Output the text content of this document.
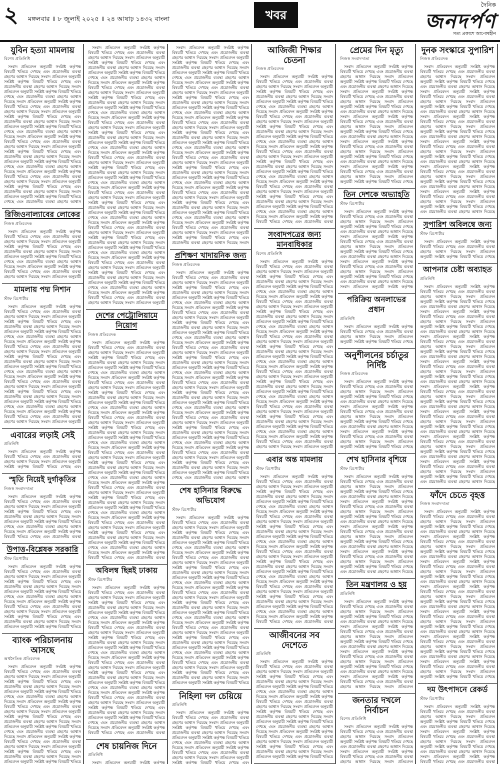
২	মঙ্গলবার ॥ ৮ জুলাই ২০২৫ ॥ ২৪ আষাঢ় ১৪৩২ বাংলা	খবর
দৈনিক
জনদর্পণ
সত্য প্রকাশে আপোষহীন
যুবিন হত্যা মামলায়
বিশেষ প্রতিনিধি

সংবাদ প্রতিবেদন অনুযায়ী সংশ্লিষ্ট কর্তৃপক্ষ বিষয়টি খতিয়ে দেখছে এবং প্রয়োজনীয় ব্যবস্থা গ্রহণের আশ্বাস দিয়েছে সংবাদ প্রতিবেদন অনুযায়ী সংশ্লিষ্ট কর্তৃপক্ষ বিষয়টি খতিয়ে দেখছে এবং প্রয়োজনীয় ব্যবস্থা গ্রহণের আশ্বাস দিয়েছে সংবাদ প্রতিবেদন অনুযায়ী সংশ্লিষ্ট কর্তৃপক্ষ বিষয়টি খতিয়ে দেখছে এবং প্রয়োজনীয় ব্যবস্থা গ্রহণের আশ্বাস দিয়েছে সংবাদ প্রতিবেদন অনুযায়ী সংশ্লিষ্ট কর্তৃপক্ষ বিষয়টি খতিয়ে দেখছে এবং প্রয়োজনীয় ব্যবস্থা গ্রহণের আশ্বাস দিয়েছে সংবাদ প্রতিবেদন অনুযায়ী সংশ্লিষ্ট কর্তৃপক্ষ বিষয়টি খতিয়ে দেখছে এবং প্রয়োজনীয় ব্যবস্থা গ্রহণের আশ্বাস দিয়েছে সংবাদ প্রতিবেদন অনুযায়ী সংশ্লিষ্ট কর্তৃপক্ষ বিষয়টি খতিয়ে দেখছে এবং প্রয়োজনীয় ব্যবস্থা গ্রহণের আশ্বাস দিয়েছে সংবাদ প্রতিবেদন অনুযায়ী সংশ্লিষ্ট কর্তৃপক্ষ বিষয়টি খতিয়ে দেখছে এবং প্রয়োজনীয় ব্যবস্থা গ্রহণের আশ্বাস দিয়েছে সংবাদ প্রতিবেদন অনুযায়ী সংশ্লিষ্ট কর্তৃপক্ষ বিষয়টি খতিয়ে দেখছে এবং প্রয়োজনীয় ব্যবস্থা গ্রহণের আশ্বাস দিয়েছে সংবাদ প্রতিবেদন অনুযায়ী সংশ্লিষ্ট কর্তৃপক্ষ বিষয়টি খতিয়ে দেখছে এবং প্রয়োজনীয় ব্যবস্থা গ্রহণের আশ্বাস দিয়েছে সংবাদ প্রতিবেদন অনুযায়ী সংশ্লিষ্ট কর্তৃপক্ষ বিষয়টি খতিয়ে দেখছে এবং প্রয়োজনীয় ব্যবস্থা গ্রহণের আশ্বাস দিয়েছে সংবাদ প্রতিবেদন অনুযায়ী সংশ্লিষ্ট কর্তৃপক্ষ বিষয়টি খতিয়ে দেখছে এবং প্রয়োজনীয় ব্যবস্থা গ্রহণের আশ্বাস দিয়েছে সংবাদ প্রতিবেদন অনুযায়ী সংশ্লিষ্ট কর্তৃপক্ষ বিষয়টি খতিয়ে দেখছে এবং প্রয়োজনীয় ব্যবস্থা গ্রহণের আশ্বাস

রিজিওনাল্যাবের লোকের
নিজস্ব প্রতিবেদক

সংবাদ প্রতিবেদন অনুযায়ী সংশ্লিষ্ট কর্তৃপক্ষ বিষয়টি খতিয়ে দেখছে এবং প্রয়োজনীয় ব্যবস্থা গ্রহণের আশ্বাস দিয়েছে সংবাদ প্রতিবেদন অনুযায়ী সংশ্লিষ্ট কর্তৃপক্ষ বিষয়টি খতিয়ে দেখছে এবং প্রয়োজনীয় ব্যবস্থা গ্রহণের আশ্বাস দিয়েছে সংবাদ প্রতিবেদন অনুযায়ী সংশ্লিষ্ট কর্তৃপক্ষ বিষয়টি খতিয়ে দেখছে এবং প্রয়োজনীয় ব্যবস্থা গ্রহণের আশ্বাস দিয়েছে সংবাদ প্রতিবেদন অনুযায়ী সংশ্লিষ্ট কর্তৃপক্ষ বিষয়টি খতিয়ে দেখছে এবং প্রয়োজনীয় ব্যবস্থা গ্রহণের আশ্বাস দিয়েছে সংবাদ প্রতিবেদন অনুযায়ী

মামলায় পদ্ম নিশান
স্টাফ রিপোর্টার

সংবাদ প্রতিবেদন অনুযায়ী সংশ্লিষ্ট কর্তৃপক্ষ বিষয়টি খতিয়ে দেখছে এবং প্রয়োজনীয় ব্যবস্থা গ্রহণের আশ্বাস দিয়েছে সংবাদ প্রতিবেদন অনুযায়ী সংশ্লিষ্ট কর্তৃপক্ষ বিষয়টি খতিয়ে দেখছে এবং প্রয়োজনীয় ব্যবস্থা গ্রহণের আশ্বাস দিয়েছে সংবাদ প্রতিবেদন অনুযায়ী সংশ্লিষ্ট কর্তৃপক্ষ বিষয়টি খতিয়ে দেখছে এবং প্রয়োজনীয় ব্যবস্থা গ্রহণের আশ্বাস দিয়েছে সংবাদ প্রতিবেদন অনুযায়ী সংশ্লিষ্ট কর্তৃপক্ষ বিষয়টি খতিয়ে দেখছে এবং প্রয়োজনীয় ব্যবস্থা গ্রহণের আশ্বাস দিয়েছে সংবাদ প্রতিবেদন অনুযায়ী সংশ্লিষ্ট কর্তৃপক্ষ বিষয়টি খতিয়ে দেখছে এবং প্রয়োজনীয় ব্যবস্থা গ্রহণের আশ্বাস দিয়েছে সংবাদ প্রতিবেদন অনুযায়ী সংশ্লিষ্ট কর্তৃপক্ষ বিষয়টি খতিয়ে দেখছে এবং প্রয়োজনীয় ব্যবস্থা গ্রহণের আশ্বাস দিয়েছে সংবাদ প্রতিবেদন অনুযায়ী সংশ্লিষ্ট কর্তৃপক্ষ বিষয়টি খতিয়ে দেখছে এবং প্রয়োজনীয় ব্যবস্থা গ্রহণের আশ্বাস দিয়েছে সংবাদ প্রতিবেদন অনুযায়ী সংশ্লিষ্ট কর্তৃপক্ষ বিষয়টি খতিয়ে দেখছে এবং প্রয়োজনীয় ব্যবস্থা গ্রহণের আশ্বাস দিয়েছে সংবাদ প্রতিবেদন অনুযায়ী সংশ্লিষ্ট কর্তৃপক্ষ বিষয়টি খতিয়ে দেখছে এবং প্রয়োজনীয় ব্যবস্থা গ্রহণের আশ্বাস দিয়েছে সংবাদ প্রতিবেদন অনুযায়ী সংশ্লিষ্ট কর্তৃপক্ষ বিষয়টি খতিয়ে দেখছে এবং প্রয়োজনীয় ব্যবস্থা গ্রহণের আশ্বাস দিয়েছে সংবাদ প্রতিবেদন অনুযায়ী

এবারের লড়াই সেই
প্রতিনিধি

সংবাদ প্রতিবেদন অনুযায়ী সংশ্লিষ্ট কর্তৃপক্ষ বিষয়টি খতিয়ে দেখছে এবং প্রয়োজনীয় ব্যবস্থা গ্রহণের আশ্বাস দিয়েছে সংবাদ প্রতিবেদন অনুযায়ী সংশ্লিষ্ট কর্তৃপক্ষ বিষয়টি খতিয়ে দেখছে এবং

স্মৃতি নিয়েই দুর্গাকৃতির
নিজস্ব সংবাদদাতা

সংবাদ প্রতিবেদন অনুযায়ী সংশ্লিষ্ট কর্তৃপক্ষ বিষয়টি খতিয়ে দেখছে এবং প্রয়োজনীয় ব্যবস্থা গ্রহণের আশ্বাস দিয়েছে সংবাদ প্রতিবেদন অনুযায়ী সংশ্লিষ্ট কর্তৃপক্ষ বিষয়টি খতিয়ে দেখছে এবং প্রয়োজনীয় ব্যবস্থা গ্রহণের আশ্বাস দিয়েছে সংবাদ প্রতিবেদন অনুযায়ী সংশ্লিষ্ট কর্তৃপক্ষ বিষয়টি খতিয়ে দেখছে এবং প্রয়োজনীয় ব্যবস্থা গ্রহণের আশ্বাস দিয়েছে সংবাদ প্রতিবেদন অনুযায়ী সংশ্লিষ্ট কর্তৃপক্ষ বিষয়টি খতিয়ে দেখছে এবং প্রয়োজনীয় ব্যবস্থা

উপাত্ত-বিশ্লেষক সরকারি
স্টাফ রিপোর্টার

সংবাদ প্রতিবেদন অনুযায়ী সংশ্লিষ্ট কর্তৃপক্ষ বিষয়টি খতিয়ে দেখছে এবং প্রয়োজনীয় ব্যবস্থা গ্রহণের আশ্বাস দিয়েছে সংবাদ প্রতিবেদন অনুযায়ী সংশ্লিষ্ট কর্তৃপক্ষ বিষয়টি খতিয়ে দেখছে এবং প্রয়োজনীয় ব্যবস্থা গ্রহণের আশ্বাস দিয়েছে সংবাদ প্রতিবেদন অনুযায়ী সংশ্লিষ্ট কর্তৃপক্ষ বিষয়টি খতিয়ে দেখছে এবং প্রয়োজনীয় ব্যবস্থা গ্রহণের আশ্বাস দিয়েছে সংবাদ প্রতিবেদন অনুযায়ী সংশ্লিষ্ট কর্তৃপক্ষ বিষয়টি খতিয়ে দেখছে এবং প্রয়োজনীয় ব্যবস্থা গ্রহণের আশ্বাস দিয়েছে সংবাদ প্রতিবেদন অনুযায়ী সংশ্লিষ্ট কর্তৃপক্ষ বিষয়টি খতিয়ে দেখছে এবং প্রয়োজনীয় ব্যবস্থা গ্রহণের আশ্বাস দিয়েছে সংবাদ প্রতিবেদন অনুযায়ী সংশ্লিষ্ট কর্তৃপক্ষ বিষয়টি খতিয়ে

ব্যাংক পরিচালনায় আসছে
অর্থনৈতিক প্রতিবেদক

সংবাদ প্রতিবেদন অনুযায়ী সংশ্লিষ্ট কর্তৃপক্ষ বিষয়টি খতিয়ে দেখছে এবং প্রয়োজনীয় ব্যবস্থা গ্রহণের আশ্বাস দিয়েছে সংবাদ প্রতিবেদন অনুযায়ী সংশ্লিষ্ট কর্তৃপক্ষ বিষয়টি খতিয়ে দেখছে এবং প্রয়োজনীয় ব্যবস্থা গ্রহণের আশ্বাস দিয়েছে সংবাদ প্রতিবেদন অনুযায়ী সংশ্লিষ্ট কর্তৃপক্ষ বিষয়টি খতিয়ে দেখছে এবং প্রয়োজনীয় ব্যবস্থা গ্রহণের আশ্বাস দিয়েছে সংবাদ প্রতিবেদন অনুযায়ী সংশ্লিষ্ট কর্তৃপক্ষ বিষয়টি খতিয়ে দেখছে এবং প্রয়োজনীয় ব্যবস্থা গ্রহণের আশ্বাস দিয়েছে সংবাদ প্রতিবেদন অনুযায়ী সংশ্লিষ্ট কর্তৃপক্ষ বিষয়টি খতিয়ে দেখছে এবং প্রয়োজনীয় ব্যবস্থা গ্রহণের আশ্বাস দিয়েছে সংবাদ প্রতিবেদন অনুযায়ী সংশ্লিষ্ট কর্তৃপক্ষ বিষয়টি খতিয়ে দেখছে এবং প্রয়োজনীয় ব্যবস্থা গ্রহণের আশ্বাস দিয়েছে সংবাদ প্রতিবেদন অনুযায়ী সংশ্লিষ্ট কর্তৃপক্ষ বিষয়টি খতিয়ে দেখছে এবং প্রয়োজনীয় ব্যবস্থা গ্রহণের আশ্বাস দিয়েছে সংবাদ প্রতিবেদন অনুযায়ী সংশ্লিষ্ট কর্তৃপক্ষ বিষয়টি খতিয়ে দেখছে এবং প্রয়োজনীয় ব্যবস্থা গ্রহণের আশ্বাস দিয়েছে সংবাদ প্রতিবেদন অনুযায়ী সংশ্লিষ্ট কর্তৃপক্ষ বিষয়টি খতিয়ে

সংবাদ প্রতিবেদন অনুযায়ী সংশ্লিষ্ট কর্তৃপক্ষ বিষয়টি খতিয়ে দেখছে এবং প্রয়োজনীয় ব্যবস্থা গ্রহণের আশ্বাস দিয়েছে সংবাদ প্রতিবেদন অনুযায়ী সংশ্লিষ্ট কর্তৃপক্ষ বিষয়টি খতিয়ে দেখছে এবং প্রয়োজনীয় ব্যবস্থা গ্রহণের আশ্বাস দিয়েছে সংবাদ প্রতিবেদন অনুযায়ী সংশ্লিষ্ট কর্তৃপক্ষ বিষয়টি খতিয়ে দেখছে এবং প্রয়োজনীয় ব্যবস্থা গ্রহণের আশ্বাস দিয়েছে সংবাদ প্রতিবেদন অনুযায়ী সংশ্লিষ্ট কর্তৃপক্ষ বিষয়টি খতিয়ে দেখছে এবং প্রয়োজনীয় ব্যবস্থা গ্রহণের আশ্বাস দিয়েছে সংবাদ প্রতিবেদন অনুযায়ী সংশ্লিষ্ট কর্তৃপক্ষ বিষয়টি খতিয়ে দেখছে এবং প্রয়োজনীয় ব্যবস্থা গ্রহণের আশ্বাস দিয়েছে সংবাদ প্রতিবেদন অনুযায়ী সংশ্লিষ্ট কর্তৃপক্ষ বিষয়টি খতিয়ে দেখছে এবং প্রয়োজনীয় ব্যবস্থা গ্রহণের আশ্বাস দিয়েছে সংবাদ প্রতিবেদন অনুযায়ী সংশ্লিষ্ট কর্তৃপক্ষ বিষয়টি খতিয়ে দেখছে এবং প্রয়োজনীয় ব্যবস্থা গ্রহণের আশ্বাস দিয়েছে সংবাদ প্রতিবেদন অনুযায়ী সংশ্লিষ্ট কর্তৃপক্ষ বিষয়টি খতিয়ে দেখছে এবং প্রয়োজনীয় ব্যবস্থা গ্রহণের আশ্বাস দিয়েছে সংবাদ প্রতিবেদন অনুযায়ী সংশ্লিষ্ট কর্তৃপক্ষ বিষয়টি খতিয়ে দেখছে এবং প্রয়োজনীয় ব্যবস্থা গ্রহণের আশ্বাস দিয়েছে সংবাদ প্রতিবেদন অনুযায়ী সংশ্লিষ্ট কর্তৃপক্ষ বিষয়টি খতিয়ে দেখছে এবং প্রয়োজনীয় ব্যবস্থা গ্রহণের আশ্বাস দিয়েছে সংবাদ প্রতিবেদন অনুযায়ী সংশ্লিষ্ট কর্তৃপক্ষ বিষয়টি খতিয়ে দেখছে এবং প্রয়োজনীয় ব্যবস্থা গ্রহণের আশ্বাস দিয়েছে সংবাদ প্রতিবেদন অনুযায়ী সংশ্লিষ্ট কর্তৃপক্ষ বিষয়টি খতিয়ে দেখছে এবং প্রয়োজনীয় ব্যবস্থা গ্রহণের আশ্বাস দিয়েছে সংবাদ প্রতিবেদন অনুযায়ী সংশ্লিষ্ট কর্তৃপক্ষ বিষয়টি খতিয়ে দেখছে এবং প্রয়োজনীয় ব্যবস্থা গ্রহণের আশ্বাস দিয়েছে সংবাদ প্রতিবেদন অনুযায়ী সংশ্লিষ্ট কর্তৃপক্ষ বিষয়টি খতিয়ে দেখছে এবং প্রয়োজনীয় ব্যবস্থা গ্রহণের আশ্বাস দিয়েছে সংবাদ প্রতিবেদন অনুযায়ী সংশ্লিষ্ট কর্তৃপক্ষ বিষয়টি খতিয়ে দেখছে এবং প্রয়োজনীয় ব্যবস্থা গ্রহণের আশ্বাস দিয়েছে সংবাদ প্রতিবেদন অনুযায়ী সংশ্লিষ্ট কর্তৃপক্ষ বিষয়টি খতিয়ে দেখছে এবং প্রয়োজনীয় ব্যবস্থা গ্রহণের আশ্বাস দিয়েছে সংবাদ প্রতিবেদন অনুযায়ী সংশ্লিষ্ট কর্তৃপক্ষ বিষয়টি খতিয়ে দেখছে এবং প্রয়োজনীয় ব্যবস্থা গ্রহণের আশ্বাস দিয়েছে সংবাদ প্রতিবেদন অনুযায়ী সংশ্লিষ্ট কর্তৃপক্ষ বিষয়টি খতিয়ে দেখছে এবং প্রয়োজনীয় ব্যবস্থা গ্রহণের আশ্বাস দিয়েছে সংবাদ প্রতিবেদন অনুযায়ী সংশ্লিষ্ট কর্তৃপক্ষ বিষয়টি খতিয়ে দেখছে এবং প্রয়োজনীয় ব্যবস্থা গ্রহণের আশ্বাস দিয়েছে সংবাদ প্রতিবেদন অনুযায়ী সংশ্লিষ্ট কর্তৃপক্ষ বিষয়টি খতিয়ে দেখছে এবং প্রয়োজনীয় ব্যবস্থা গ্রহণের আশ্বাস দিয়েছে সংবাদ প্রতিবেদন অনুযায়ী সংশ্লিষ্ট কর্তৃপক্ষ বিষয়টি খতিয়ে দেখছে এবং প্রয়োজনীয় ব্যবস্থা গ্রহণের আশ্বাস দিয়েছে সংবাদ প্রতিবেদন অনুযায়ী সংশ্লিষ্ট কর্তৃপক্ষ বিষয়টি খতিয়ে দেখছে এবং প্রয়োজনীয় ব্যবস্থা গ্রহণের আশ্বাস দিয়েছে সংবাদ প্রতিবেদন অনুযায়ী

দেশের পেট্রোলিয়ামে নিয়োগ
নিজস্ব প্রতিবেদক

সংবাদ প্রতিবেদন অনুযায়ী সংশ্লিষ্ট কর্তৃপক্ষ বিষয়টি খতিয়ে দেখছে এবং প্রয়োজনীয় ব্যবস্থা গ্রহণের আশ্বাস দিয়েছে সংবাদ প্রতিবেদন অনুযায়ী সংশ্লিষ্ট কর্তৃপক্ষ বিষয়টি খতিয়ে দেখছে এবং প্রয়োজনীয় ব্যবস্থা গ্রহণের আশ্বাস দিয়েছে সংবাদ প্রতিবেদন অনুযায়ী সংশ্লিষ্ট কর্তৃপক্ষ বিষয়টি খতিয়ে দেখছে এবং প্রয়োজনীয় ব্যবস্থা গ্রহণের আশ্বাস দিয়েছে সংবাদ প্রতিবেদন অনুযায়ী সংশ্লিষ্ট কর্তৃপক্ষ বিষয়টি খতিয়ে দেখছে এবং প্রয়োজনীয় ব্যবস্থা গ্রহণের আশ্বাস দিয়েছে সংবাদ প্রতিবেদন অনুযায়ী সংশ্লিষ্ট কর্তৃপক্ষ বিষয়টি খতিয়ে দেখছে এবং প্রয়োজনীয় ব্যবস্থা গ্রহণের আশ্বাস দিয়েছে সংবাদ প্রতিবেদন অনুযায়ী সংশ্লিষ্ট কর্তৃপক্ষ বিষয়টি খতিয়ে দেখছে এবং প্রয়োজনীয় ব্যবস্থা গ্রহণের আশ্বাস দিয়েছে সংবাদ প্রতিবেদন অনুযায়ী সংশ্লিষ্ট কর্তৃপক্ষ বিষয়টি খতিয়ে দেখছে এবং প্রয়োজনীয় ব্যবস্থা গ্রহণের আশ্বাস দিয়েছে সংবাদ প্রতিবেদন অনুযায়ী সংশ্লিষ্ট কর্তৃপক্ষ বিষয়টি খতিয়ে দেখছে এবং প্রয়োজনীয় ব্যবস্থা গ্রহণের আশ্বাস দিয়েছে সংবাদ প্রতিবেদন অনুযায়ী সংশ্লিষ্ট কর্তৃপক্ষ বিষয়টি খতিয়ে দেখছে এবং প্রয়োজনীয় ব্যবস্থা গ্রহণের আশ্বাস দিয়েছে সংবাদ প্রতিবেদন অনুযায়ী সংশ্লিষ্ট কর্তৃপক্ষ বিষয়টি খতিয়ে দেখছে এবং প্রয়োজনীয় ব্যবস্থা গ্রহণের আশ্বাস দিয়েছে সংবাদ প্রতিবেদন অনুযায়ী সংশ্লিষ্ট কর্তৃপক্ষ বিষয়টি খতিয়ে দেখছে এবং প্রয়োজনীয় ব্যবস্থা গ্রহণের আশ্বাস দিয়েছে সংবাদ প্রতিবেদন অনুযায়ী সংশ্লিষ্ট কর্তৃপক্ষ বিষয়টি খতিয়ে দেখছে এবং প্রয়োজনীয় ব্যবস্থা গ্রহণের আশ্বাস দিয়েছে সংবাদ প্রতিবেদন অনুযায়ী সংশ্লিষ্ট কর্তৃপক্ষ বিষয়টি খতিয়ে দেখছে এবং প্রয়োজনীয় ব্যবস্থা গ্রহণের আশ্বাস দিয়েছে সংবাদ প্রতিবেদন অনুযায়ী সংশ্লিষ্ট কর্তৃপক্ষ বিষয়টি খতিয়ে দেখছে এবং প্রয়োজনীয় ব্যবস্থা গ্রহণের আশ্বাস দিয়েছে সংবাদ প্রতিবেদন অনুযায়ী সংশ্লিষ্ট কর্তৃপক্ষ বিষয়টি খতিয়ে দেখছে এবং প্রয়োজনীয় ব্যবস্থা গ্রহণের আশ্বাস দিয়েছে সংবাদ প্রতিবেদন অনুযায়ী সংশ্লিষ্ট কর্তৃপক্ষ বিষয়টি খতিয়ে দেখছে এবং প্রয়োজনীয় ব্যবস্থা গ্রহণের আশ্বাস দিয়েছে সংবাদ প্রতিবেদন অনুযায়ী সংশ্লিষ্ট কর্তৃপক্ষ বিষয়টি খতিয়ে দেখছে এবং প্রয়োজনীয় ব্যবস্থা গ্রহণের আশ্বাস দিয়েছে সংবাদ প্রতিবেদন অনুযায়ী সংশ্লিষ্ট কর্তৃপক্ষ বিষয়টি খতিয়ে দেখছে এবং প্রয়োজনীয় ব্যবস্থা গ্রহণের আশ্বাস দিয়েছে সংবাদ প্রতিবেদন অনুযায়ী সংশ্লিষ্ট কর্তৃপক্ষ বিষয়টি খতিয়ে দেখছে এবং প্রয়োজনীয় ব্যবস্থা

অবিলম্ব ছিন্নই ঢাকায়
স্টাফ রিপোর্টার

সংবাদ প্রতিবেদন অনুযায়ী সংশ্লিষ্ট কর্তৃপক্ষ বিষয়টি খতিয়ে দেখছে এবং প্রয়োজনীয় ব্যবস্থা গ্রহণের আশ্বাস দিয়েছে সংবাদ প্রতিবেদন অনুযায়ী সংশ্লিষ্ট কর্তৃপক্ষ বিষয়টি খতিয়ে দেখছে এবং প্রয়োজনীয় ব্যবস্থা গ্রহণের আশ্বাস দিয়েছে সংবাদ প্রতিবেদন অনুযায়ী সংশ্লিষ্ট কর্তৃপক্ষ বিষয়টি খতিয়ে দেখছে এবং প্রয়োজনীয় ব্যবস্থা গ্রহণের আশ্বাস দিয়েছে সংবাদ প্রতিবেদন অনুযায়ী সংশ্লিষ্ট কর্তৃপক্ষ বিষয়টি খতিয়ে দেখছে এবং প্রয়োজনীয় ব্যবস্থা গ্রহণের আশ্বাস দিয়েছে সংবাদ প্রতিবেদন অনুযায়ী সংশ্লিষ্ট কর্তৃপক্ষ বিষয়টি খতিয়ে দেখছে এবং প্রয়োজনীয় ব্যবস্থা গ্রহণের আশ্বাস দিয়েছে সংবাদ প্রতিবেদন অনুযায়ী সংশ্লিষ্ট কর্তৃপক্ষ বিষয়টি খতিয়ে দেখছে এবং প্রয়োজনীয় ব্যবস্থা গ্রহণের আশ্বাস দিয়েছে সংবাদ প্রতিবেদন অনুযায়ী সংশ্লিষ্ট কর্তৃপক্ষ বিষয়টি খতিয়ে দেখছে এবং প্রয়োজনীয় ব্যবস্থা গ্রহণের আশ্বাস দিয়েছে সংবাদ প্রতিবেদন অনুযায়ী সংশ্লিষ্ট কর্তৃপক্ষ বিষয়টি খতিয়ে দেখছে এবং প্রয়োজনীয় ব্যবস্থা গ্রহণের আশ্বাস দিয়েছে সংবাদ প্রতিবেদন অনুযায়ী সংশ্লিষ্ট কর্তৃপক্ষ বিষয়টি খতিয়ে দেখছে এবং প্রয়োজনীয় ব্যবস্থা গ্রহণের আশ্বাস দিয়েছে সংবাদ প্রতিবেদন অনুযায়ী সংশ্লিষ্ট কর্তৃপক্ষ বিষয়টি খতিয়ে দেখছে এবং প্রয়োজনীয় ব্যবস্থা গ্রহণের আশ্বাস দিয়েছে সংবাদ প্রতিবেদন অনুযায়ী সংশ্লিষ্ট কর্তৃপক্ষ বিষয়টি খতিয়ে দেখছে এবং প্রয়োজনীয় ব্যবস্থা গ্রহণের আশ্বাস দিয়েছে সংবাদ প্রতিবেদন অনুযায়ী সংশ্লিষ্ট কর্তৃপক্ষ বিষয়টি খতিয়ে দেখছে এবং প্রয়োজনীয় ব্যবস্থা গ্রহণের আশ্বাস দিয়েছে সংবাদ প্রতিবেদন অনুযায়ী সংশ্লিষ্ট কর্তৃপক্ষ বিষয়টি খতিয়ে দেখছে এবং প্রয়োজনীয় ব্যবস্থা

শেষ চায়নিজ দিনে
প্রতিনিধি

সংবাদ প্রতিবেদন অনুযায়ী সংশ্লিষ্ট কর্তৃপক্ষ

সংবাদ প্রতিবেদন অনুযায়ী সংশ্লিষ্ট কর্তৃপক্ষ বিষয়টি খতিয়ে দেখছে এবং প্রয়োজনীয় ব্যবস্থা গ্রহণের আশ্বাস দিয়েছে সংবাদ প্রতিবেদন অনুযায়ী সংশ্লিষ্ট কর্তৃপক্ষ বিষয়টি খতিয়ে দেখছে এবং প্রয়োজনীয় ব্যবস্থা গ্রহণের আশ্বাস দিয়েছে সংবাদ প্রতিবেদন অনুযায়ী সংশ্লিষ্ট কর্তৃপক্ষ বিষয়টি খতিয়ে দেখছে এবং প্রয়োজনীয় ব্যবস্থা গ্রহণের আশ্বাস দিয়েছে সংবাদ প্রতিবেদন অনুযায়ী সংশ্লিষ্ট কর্তৃপক্ষ বিষয়টি খতিয়ে দেখছে এবং প্রয়োজনীয় ব্যবস্থা গ্রহণের আশ্বাস দিয়েছে সংবাদ প্রতিবেদন অনুযায়ী সংশ্লিষ্ট কর্তৃপক্ষ বিষয়টি খতিয়ে দেখছে এবং প্রয়োজনীয় ব্যবস্থা গ্রহণের আশ্বাস দিয়েছে সংবাদ প্রতিবেদন অনুযায়ী সংশ্লিষ্ট কর্তৃপক্ষ বিষয়টি খতিয়ে দেখছে এবং প্রয়োজনীয় ব্যবস্থা গ্রহণের আশ্বাস দিয়েছে সংবাদ প্রতিবেদন অনুযায়ী সংশ্লিষ্ট কর্তৃপক্ষ বিষয়টি খতিয়ে দেখছে এবং প্রয়োজনীয় ব্যবস্থা গ্রহণের আশ্বাস দিয়েছে সংবাদ প্রতিবেদন অনুযায়ী সংশ্লিষ্ট কর্তৃপক্ষ বিষয়টি খতিয়ে দেখছে এবং প্রয়োজনীয় ব্যবস্থা গ্রহণের আশ্বাস দিয়েছে সংবাদ প্রতিবেদন অনুযায়ী সংশ্লিষ্ট কর্তৃপক্ষ বিষয়টি খতিয়ে দেখছে এবং প্রয়োজনীয় ব্যবস্থা গ্রহণের আশ্বাস দিয়েছে সংবাদ প্রতিবেদন অনুযায়ী সংশ্লিষ্ট কর্তৃপক্ষ বিষয়টি খতিয়ে দেখছে এবং প্রয়োজনীয় ব্যবস্থা গ্রহণের আশ্বাস দিয়েছে সংবাদ প্রতিবেদন অনুযায়ী সংশ্লিষ্ট কর্তৃপক্ষ বিষয়টি খতিয়ে দেখছে এবং প্রয়োজনীয় ব্যবস্থা গ্রহণের আশ্বাস দিয়েছে সংবাদ প্রতিবেদন অনুযায়ী সংশ্লিষ্ট কর্তৃপক্ষ বিষয়টি খতিয়ে দেখছে এবং প্রয়োজনীয় ব্যবস্থা গ্রহণের আশ্বাস দিয়েছে সংবাদ প্রতিবেদন অনুযায়ী সংশ্লিষ্ট কর্তৃপক্ষ বিষয়টি খতিয়ে দেখছে এবং প্রয়োজনীয় ব্যবস্থা গ্রহণের আশ্বাস দিয়েছে সংবাদ প্রতিবেদন অনুযায়ী সংশ্লিষ্ট কর্তৃপক্ষ বিষয়টি খতিয়ে দেখছে এবং প্রয়োজনীয় ব্যবস্থা গ্রহণের আশ্বাস দিয়েছে সংবাদ প্রতিবেদন অনুযায়ী সংশ্লিষ্ট কর্তৃপক্ষ বিষয়টি খতিয়ে দেখছে এবং প্রয়োজনীয় ব্যবস্থা গ্রহণের আশ্বাস দিয়েছে সংবাদ প্রতিবেদন অনুযায়ী সংশ্লিষ্ট কর্তৃপক্ষ বিষয়টি খতিয়ে দেখছে এবং প্রয়োজনীয় ব্যবস্থা গ্রহণের আশ্বাস দিয়েছে সংবাদ প্রতিবেদন অনুযায়ী সংশ্লিষ্ট কর্তৃপক্ষ বিষয়টি খতিয়ে দেখছে এবং প্রয়োজনীয় ব্যবস্থা গ্রহণের আশ্বাস দিয়েছে সংবাদ

প্রশিক্ষণ খাদায়নিক জন্য
নিজস্ব প্রতিবেদক

সংবাদ প্রতিবেদন অনুযায়ী সংশ্লিষ্ট কর্তৃপক্ষ বিষয়টি খতিয়ে দেখছে এবং প্রয়োজনীয় ব্যবস্থা গ্রহণের আশ্বাস দিয়েছে সংবাদ প্রতিবেদন অনুযায়ী সংশ্লিষ্ট কর্তৃপক্ষ বিষয়টি খতিয়ে দেখছে এবং প্রয়োজনীয় ব্যবস্থা গ্রহণের আশ্বাস দিয়েছে সংবাদ প্রতিবেদন অনুযায়ী সংশ্লিষ্ট কর্তৃপক্ষ বিষয়টি খতিয়ে দেখছে এবং প্রয়োজনীয় ব্যবস্থা গ্রহণের আশ্বাস দিয়েছে সংবাদ প্রতিবেদন অনুযায়ী সংশ্লিষ্ট কর্তৃপক্ষ বিষয়টি খতিয়ে দেখছে এবং প্রয়োজনীয় ব্যবস্থা গ্রহণের আশ্বাস দিয়েছে সংবাদ প্রতিবেদন অনুযায়ী সংশ্লিষ্ট কর্তৃপক্ষ বিষয়টি খতিয়ে দেখছে এবং প্রয়োজনীয় ব্যবস্থা গ্রহণের আশ্বাস দিয়েছে সংবাদ প্রতিবেদন অনুযায়ী সংশ্লিষ্ট কর্তৃপক্ষ বিষয়টি খতিয়ে দেখছে এবং প্রয়োজনীয় ব্যবস্থা গ্রহণের আশ্বাস দিয়েছে সংবাদ প্রতিবেদন অনুযায়ী সংশ্লিষ্ট কর্তৃপক্ষ বিষয়টি খতিয়ে দেখছে এবং প্রয়োজনীয় ব্যবস্থা গ্রহণের আশ্বাস দিয়েছে সংবাদ প্রতিবেদন অনুযায়ী সংশ্লিষ্ট কর্তৃপক্ষ বিষয়টি খতিয়ে দেখছে এবং প্রয়োজনীয় ব্যবস্থা গ্রহণের আশ্বাস দিয়েছে সংবাদ প্রতিবেদন অনুযায়ী সংশ্লিষ্ট কর্তৃপক্ষ বিষয়টি খতিয়ে দেখছে এবং প্রয়োজনীয় ব্যবস্থা গ্রহণের আশ্বাস দিয়েছে সংবাদ প্রতিবেদন অনুযায়ী সংশ্লিষ্ট কর্তৃপক্ষ বিষয়টি খতিয়ে দেখছে এবং প্রয়োজনীয় ব্যবস্থা গ্রহণের আশ্বাস দিয়েছে সংবাদ প্রতিবেদন অনুযায়ী সংশ্লিষ্ট কর্তৃপক্ষ বিষয়টি খতিয়ে দেখছে এবং প্রয়োজনীয় ব্যবস্থা গ্রহণের আশ্বাস দিয়েছে সংবাদ প্রতিবেদন অনুযায়ী সংশ্লিষ্ট কর্তৃপক্ষ বিষয়টি খতিয়ে দেখছে এবং প্রয়োজনীয় ব্যবস্থা গ্রহণের আশ্বাস দিয়েছে সংবাদ প্রতিবেদন অনুযায়ী সংশ্লিষ্ট কর্তৃপক্ষ বিষয়টি খতিয়ে দেখছে এবং প্রয়োজনীয় ব্যবস্থা গ্রহণের আশ্বাস দিয়েছে সংবাদ প্রতিবেদন অনুযায়ী সংশ্লিষ্ট কর্তৃপক্ষ বিষয়টি খতিয়ে দেখছে এবং প্রয়োজনীয় ব্যবস্থা গ্রহণের আশ্বাস দিয়েছে সংবাদ প্রতিবেদন অনুযায়ী সংশ্লিষ্ট কর্তৃপক্ষ বিষয়টি খতিয়ে দেখছে এবং প্রয়োজনীয় ব্যবস্থা গ্রহণের আশ্বাস দিয়েছে সংবাদ প্রতিবেদন অনুযায়ী সংশ্লিষ্ট কর্তৃপক্ষ বিষয়টি খতিয়ে দেখছে এবং প্রয়োজনীয় ব্যবস্থা গ্রহণের আশ্বাস দিয়েছে সংবাদ প্রতিবেদন অনুযায়ী সংশ্লিষ্ট কর্তৃপক্ষ বিষয়টি খতিয়ে দেখছে এবং প্রয়োজনীয় ব্যবস্থা গ্রহণের আশ্বাস দিয়েছে সংবাদ প্রতিবেদন অনুযায়ী সংশ্লিষ্ট কর্তৃপক্ষ বিষয়টি খতিয়ে দেখছে এবং প্রয়োজনীয় ব্যবস্থা গ্রহণের আশ্বাস

শেষ হাসিনার বিরুদ্ধে অভিযোগ
স্টাফ রিপোর্টার

সংবাদ প্রতিবেদন অনুযায়ী সংশ্লিষ্ট কর্তৃপক্ষ বিষয়টি খতিয়ে দেখছে এবং প্রয়োজনীয় ব্যবস্থা গ্রহণের আশ্বাস দিয়েছে সংবাদ প্রতিবেদন অনুযায়ী সংশ্লিষ্ট কর্তৃপক্ষ বিষয়টি খতিয়ে দেখছে এবং প্রয়োজনীয় ব্যবস্থা গ্রহণের আশ্বাস দিয়েছে সংবাদ প্রতিবেদন অনুযায়ী সংশ্লিষ্ট কর্তৃপক্ষ বিষয়টি খতিয়ে দেখছে এবং প্রয়োজনীয় ব্যবস্থা গ্রহণের আশ্বাস দিয়েছে সংবাদ প্রতিবেদন অনুযায়ী সংশ্লিষ্ট কর্তৃপক্ষ বিষয়টি খতিয়ে দেখছে এবং প্রয়োজনীয় ব্যবস্থা গ্রহণের আশ্বাস দিয়েছে সংবাদ প্রতিবেদন অনুযায়ী সংশ্লিষ্ট কর্তৃপক্ষ বিষয়টি খতিয়ে দেখছে এবং প্রয়োজনীয় ব্যবস্থা গ্রহণের আশ্বাস দিয়েছে সংবাদ প্রতিবেদন অনুযায়ী সংশ্লিষ্ট কর্তৃপক্ষ বিষয়টি খতিয়ে দেখছে এবং প্রয়োজনীয় ব্যবস্থা গ্রহণের আশ্বাস দিয়েছে সংবাদ প্রতিবেদন অনুযায়ী সংশ্লিষ্ট কর্তৃপক্ষ বিষয়টি খতিয়ে দেখছে এবং প্রয়োজনীয় ব্যবস্থা গ্রহণের আশ্বাস দিয়েছে সংবাদ প্রতিবেদন অনুযায়ী সংশ্লিষ্ট কর্তৃপক্ষ বিষয়টি খতিয়ে দেখছে এবং প্রয়োজনীয় ব্যবস্থা গ্রহণের আশ্বাস দিয়েছে সংবাদ প্রতিবেদন অনুযায়ী সংশ্লিষ্ট কর্তৃপক্ষ বিষয়টি খতিয়ে দেখছে এবং প্রয়োজনীয় ব্যবস্থা গ্রহণের আশ্বাস দিয়েছে সংবাদ প্রতিবেদন অনুযায়ী সংশ্লিষ্ট কর্তৃপক্ষ বিষয়টি খতিয়ে দেখছে এবং প্রয়োজনীয় ব্যবস্থা গ্রহণের আশ্বাস দিয়েছে সংবাদ প্রতিবেদন অনুযায়ী সংশ্লিষ্ট কর্তৃপক্ষ বিষয়টি খতিয়ে দেখছে এবং প্রয়োজনীয় ব্যবস্থা গ্রহণের আশ্বাস দিয়েছে সংবাদ প্রতিবেদন অনুযায়ী সংশ্লিষ্ট কর্তৃপক্ষ বিষয়টি খতিয়ে দেখছে এবং প্রয়োজনীয় ব্যবস্থা গ্রহণের আশ্বাস দিয়েছে সংবাদ প্রতিবেদন অনুযায়ী সংশ্লিষ্ট কর্তৃপক্ষ বিষয়টি খতিয়ে দেখছে এবং প্রয়োজনীয় ব্যবস্থা গ্রহণের আশ্বাস দিয়েছে সংবাদ প্রতিবেদন অনুযায়ী সংশ্লিষ্ট কর্তৃপক্ষ বিষয়টি খতিয়ে দেখছে এবং প্রয়োজনীয় ব্যবস্থা গ্রহণের আশ্বাস দিয়েছে সংবাদ প্রতিবেদন অনুযায়ী সংশ্লিষ্ট কর্তৃপক্ষ বিষয়টি খতিয়ে

নিহিলা দল চেয়িয়ে
প্রতিনিধি

সংবাদ প্রতিবেদন অনুযায়ী সংশ্লিষ্ট কর্তৃপক্ষ বিষয়টি খতিয়ে দেখছে এবং প্রয়োজনীয় ব্যবস্থা গ্রহণের আশ্বাস দিয়েছে সংবাদ প্রতিবেদন অনুযায়ী সংশ্লিষ্ট কর্তৃপক্ষ বিষয়টি খতিয়ে দেখছে এবং প্রয়োজনীয় ব্যবস্থা গ্রহণের আশ্বাস দিয়েছে সংবাদ প্রতিবেদন অনুযায়ী সংশ্লিষ্ট কর্তৃপক্ষ বিষয়টি খতিয়ে দেখছে এবং প্রয়োজনীয় ব্যবস্থা গ্রহণের আশ্বাস দিয়েছে সংবাদ প্রতিবেদন অনুযায়ী সংশ্লিষ্ট কর্তৃপক্ষ বিষয়টি খতিয়ে দেখছে এবং প্রয়োজনীয় ব্যবস্থা গ্রহণের আশ্বাস দিয়েছে সংবাদ প্রতিবেদন অনুযায়ী সংশ্লিষ্ট কর্তৃপক্ষ বিষয়টি খতিয়ে দেখছে এবং

আজিজী শিক্ষার চেতনা
নিজস্ব প্রতিবেদক

সংবাদ প্রতিবেদন অনুযায়ী সংশ্লিষ্ট কর্তৃপক্ষ বিষয়টি খতিয়ে দেখছে এবং প্রয়োজনীয় ব্যবস্থা গ্রহণের আশ্বাস দিয়েছে সংবাদ প্রতিবেদন অনুযায়ী সংশ্লিষ্ট কর্তৃপক্ষ বিষয়টি খতিয়ে দেখছে এবং প্রয়োজনীয় ব্যবস্থা গ্রহণের আশ্বাস দিয়েছে সংবাদ প্রতিবেদন অনুযায়ী সংশ্লিষ্ট কর্তৃপক্ষ বিষয়টি খতিয়ে দেখছে এবং প্রয়োজনীয় ব্যবস্থা গ্রহণের আশ্বাস দিয়েছে সংবাদ প্রতিবেদন অনুযায়ী সংশ্লিষ্ট কর্তৃপক্ষ বিষয়টি খতিয়ে দেখছে এবং প্রয়োজনীয় ব্যবস্থা গ্রহণের আশ্বাস দিয়েছে সংবাদ প্রতিবেদন অনুযায়ী সংশ্লিষ্ট কর্তৃপক্ষ বিষয়টি খতিয়ে দেখছে এবং প্রয়োজনীয় ব্যবস্থা গ্রহণের আশ্বাস দিয়েছে সংবাদ প্রতিবেদন অনুযায়ী সংশ্লিষ্ট কর্তৃপক্ষ বিষয়টি খতিয়ে দেখছে এবং প্রয়োজনীয় ব্যবস্থা গ্রহণের আশ্বাস দিয়েছে সংবাদ প্রতিবেদন অনুযায়ী সংশ্লিষ্ট কর্তৃপক্ষ বিষয়টি খতিয়ে দেখছে এবং প্রয়োজনীয় ব্যবস্থা গ্রহণের আশ্বাস দিয়েছে সংবাদ প্রতিবেদন অনুযায়ী সংশ্লিষ্ট কর্তৃপক্ষ বিষয়টি খতিয়ে দেখছে এবং প্রয়োজনীয় ব্যবস্থা গ্রহণের আশ্বাস দিয়েছে সংবাদ প্রতিবেদন অনুযায়ী সংশ্লিষ্ট কর্তৃপক্ষ বিষয়টি খতিয়ে দেখছে এবং প্রয়োজনীয় ব্যবস্থা গ্রহণের আশ্বাস দিয়েছে সংবাদ প্রতিবেদন অনুযায়ী সংশ্লিষ্ট কর্তৃপক্ষ বিষয়টি খতিয়ে দেখছে এবং প্রয়োজনীয় ব্যবস্থা গ্রহণের আশ্বাস দিয়েছে সংবাদ প্রতিবেদন অনুযায়ী সংশ্লিষ্ট কর্তৃপক্ষ বিষয়টি খতিয়ে দেখছে এবং প্রয়োজনীয় ব্যবস্থা গ্রহণের আশ্বাস দিয়েছে সংবাদ প্রতিবেদন অনুযায়ী সংশ্লিষ্ট কর্তৃপক্ষ বিষয়টি খতিয়ে দেখছে এবং প্রয়োজনীয় ব্যবস্থা গ্রহণের আশ্বাস দিয়েছে সংবাদ প্রতিবেদন অনুযায়ী সংশ্লিষ্ট কর্তৃপক্ষ বিষয়টি খতিয়ে দেখছে এবং প্রয়োজনীয় ব্যবস্থা

সংবাদপত্রের জন্য মানবাধিকার
বিশেষ প্রতিনিধি

সংবাদ প্রতিবেদন অনুযায়ী সংশ্লিষ্ট কর্তৃপক্ষ বিষয়টি খতিয়ে দেখছে এবং প্রয়োজনীয় ব্যবস্থা গ্রহণের আশ্বাস দিয়েছে সংবাদ প্রতিবেদন অনুযায়ী সংশ্লিষ্ট কর্তৃপক্ষ বিষয়টি খতিয়ে দেখছে এবং প্রয়োজনীয় ব্যবস্থা গ্রহণের আশ্বাস দিয়েছে সংবাদ প্রতিবেদন অনুযায়ী সংশ্লিষ্ট কর্তৃপক্ষ বিষয়টি খতিয়ে দেখছে এবং প্রয়োজনীয় ব্যবস্থা গ্রহণের আশ্বাস দিয়েছে সংবাদ প্রতিবেদন অনুযায়ী সংশ্লিষ্ট কর্তৃপক্ষ বিষয়টি খতিয়ে দেখছে এবং প্রয়োজনীয় ব্যবস্থা গ্রহণের আশ্বাস দিয়েছে সংবাদ প্রতিবেদন অনুযায়ী সংশ্লিষ্ট কর্তৃপক্ষ বিষয়টি খতিয়ে দেখছে এবং প্রয়োজনীয় ব্যবস্থা গ্রহণের আশ্বাস দিয়েছে সংবাদ প্রতিবেদন অনুযায়ী সংশ্লিষ্ট কর্তৃপক্ষ বিষয়টি খতিয়ে দেখছে এবং প্রয়োজনীয় ব্যবস্থা গ্রহণের আশ্বাস দিয়েছে সংবাদ প্রতিবেদন অনুযায়ী সংশ্লিষ্ট কর্তৃপক্ষ বিষয়টি খতিয়ে দেখছে এবং প্রয়োজনীয় ব্যবস্থা গ্রহণের আশ্বাস দিয়েছে সংবাদ প্রতিবেদন অনুযায়ী সংশ্লিষ্ট কর্তৃপক্ষ বিষয়টি খতিয়ে দেখছে এবং প্রয়োজনীয় ব্যবস্থা গ্রহণের আশ্বাস দিয়েছে সংবাদ প্রতিবেদন অনুযায়ী সংশ্লিষ্ট কর্তৃপক্ষ বিষয়টি খতিয়ে দেখছে এবং প্রয়োজনীয় ব্যবস্থা গ্রহণের আশ্বাস দিয়েছে সংবাদ প্রতিবেদন অনুযায়ী সংশ্লিষ্ট কর্তৃপক্ষ বিষয়টি খতিয়ে দেখছে এবং প্রয়োজনীয় ব্যবস্থা গ্রহণের আশ্বাস দিয়েছে সংবাদ প্রতিবেদন অনুযায়ী সংশ্লিষ্ট কর্তৃপক্ষ বিষয়টি খতিয়ে দেখছে এবং প্রয়োজনীয় ব্যবস্থা গ্রহণের আশ্বাস দিয়েছে সংবাদ প্রতিবেদন অনুযায়ী সংশ্লিষ্ট কর্তৃপক্ষ বিষয়টি খতিয়ে দেখছে এবং প্রয়োজনীয় ব্যবস্থা গ্রহণের আশ্বাস দিয়েছে সংবাদ প্রতিবেদন অনুযায়ী সংশ্লিষ্ট কর্তৃপক্ষ বিষয়টি খতিয়ে দেখছে এবং প্রয়োজনীয় ব্যবস্থা গ্রহণের আশ্বাস দিয়েছে সংবাদ প্রতিবেদন অনুযায়ী সংশ্লিষ্ট কর্তৃপক্ষ বিষয়টি খতিয়ে দেখছে এবং প্রয়োজনীয় ব্যবস্থা গ্রহণের আশ্বাস দিয়েছে সংবাদ প্রতিবেদন অনুযায়ী সংশ্লিষ্ট কর্তৃপক্ষ বিষয়টি খতিয়ে দেখছে এবং প্রয়োজনীয় ব্যবস্থা গ্রহণের আশ্বাস দিয়েছে সংবাদ প্রতিবেদন অনুযায়ী সংশ্লিষ্ট কর্তৃপক্ষ বিষয়টি খতিয়ে দেখছে এবং প্রয়োজনীয় ব্যবস্থা গ্রহণের আশ্বাস দিয়েছে সংবাদ প্রতিবেদন অনুযায়ী

এবার অন্ত মামলায়
স্টাফ রিপোর্টার

সংবাদ প্রতিবেদন অনুযায়ী সংশ্লিষ্ট কর্তৃপক্ষ বিষয়টি খতিয়ে দেখছে এবং প্রয়োজনীয় ব্যবস্থা গ্রহণের আশ্বাস দিয়েছে সংবাদ প্রতিবেদন অনুযায়ী সংশ্লিষ্ট কর্তৃপক্ষ বিষয়টি খতিয়ে দেখছে এবং প্রয়োজনীয় ব্যবস্থা গ্রহণের আশ্বাস দিয়েছে সংবাদ প্রতিবেদন অনুযায়ী সংশ্লিষ্ট কর্তৃপক্ষ বিষয়টি খতিয়ে দেখছে এবং প্রয়োজনীয় ব্যবস্থা গ্রহণের আশ্বাস দিয়েছে সংবাদ প্রতিবেদন অনুযায়ী সংশ্লিষ্ট কর্তৃপক্ষ বিষয়টি খতিয়ে দেখছে এবং প্রয়োজনীয় ব্যবস্থা গ্রহণের আশ্বাস দিয়েছে সংবাদ প্রতিবেদন অনুযায়ী সংশ্লিষ্ট কর্তৃপক্ষ বিষয়টি খতিয়ে দেখছে এবং প্রয়োজনীয় ব্যবস্থা গ্রহণের আশ্বাস দিয়েছে সংবাদ প্রতিবেদন অনুযায়ী সংশ্লিষ্ট কর্তৃপক্ষ বিষয়টি খতিয়ে দেখছে এবং প্রয়োজনীয় ব্যবস্থা গ্রহণের আশ্বাস দিয়েছে সংবাদ প্রতিবেদন অনুযায়ী সংশ্লিষ্ট কর্তৃপক্ষ বিষয়টি খতিয়ে দেখছে এবং প্রয়োজনীয় ব্যবস্থা গ্রহণের আশ্বাস দিয়েছে সংবাদ প্রতিবেদন অনুযায়ী সংশ্লিষ্ট কর্তৃপক্ষ বিষয়টি খতিয়ে দেখছে এবং প্রয়োজনীয় ব্যবস্থা গ্রহণের আশ্বাস দিয়েছে সংবাদ প্রতিবেদন অনুযায়ী সংশ্লিষ্ট কর্তৃপক্ষ বিষয়টি খতিয়ে দেখছে এবং প্রয়োজনীয় ব্যবস্থা গ্রহণের আশ্বাস দিয়েছে সংবাদ প্রতিবেদন অনুযায়ী সংশ্লিষ্ট কর্তৃপক্ষ বিষয়টি খতিয়ে দেখছে এবং প্রয়োজনীয় ব্যবস্থা গ্রহণের আশ্বাস দিয়েছে সংবাদ প্রতিবেদন অনুযায়ী সংশ্লিষ্ট কর্তৃপক্ষ বিষয়টি খতিয়ে দেখছে এবং প্রয়োজনীয় ব্যবস্থা গ্রহণের আশ্বাস দিয়েছে সংবাদ প্রতিবেদন অনুযায়ী সংশ্লিষ্ট কর্তৃপক্ষ বিষয়টি খতিয়ে দেখছে এবং প্রয়োজনীয় ব্যবস্থা গ্রহণের আশ্বাস দিয়েছে সংবাদ প্রতিবেদন অনুযায়ী সংশ্লিষ্ট কর্তৃপক্ষ বিষয়টি খতিয়ে দেখছে এবং প্রয়োজনীয় ব্যবস্থা

আজীবনের সব দেশেতে
প্রতিনিধি

সংবাদ প্রতিবেদন অনুযায়ী সংশ্লিষ্ট কর্তৃপক্ষ বিষয়টি খতিয়ে দেখছে এবং প্রয়োজনীয় ব্যবস্থা গ্রহণের আশ্বাস দিয়েছে সংবাদ প্রতিবেদন অনুযায়ী সংশ্লিষ্ট কর্তৃপক্ষ বিষয়টি খতিয়ে দেখছে এবং প্রয়োজনীয় ব্যবস্থা গ্রহণের আশ্বাস দিয়েছে সংবাদ প্রতিবেদন অনুযায়ী সংশ্লিষ্ট কর্তৃপক্ষ বিষয়টি খতিয়ে দেখছে এবং প্রয়োজনীয় ব্যবস্থা গ্রহণের আশ্বাস দিয়েছে সংবাদ প্রতিবেদন অনুযায়ী সংশ্লিষ্ট কর্তৃপক্ষ বিষয়টি খতিয়ে দেখছে এবং প্রয়োজনীয় ব্যবস্থা গ্রহণের আশ্বাস দিয়েছে সংবাদ প্রতিবেদন অনুযায়ী সংশ্লিষ্ট কর্তৃপক্ষ বিষয়টি খতিয়ে দেখছে এবং প্রয়োজনীয় ব্যবস্থা গ্রহণের আশ্বাস দিয়েছে সংবাদ প্রতিবেদন অনুযায়ী সংশ্লিষ্ট কর্তৃপক্ষ বিষয়টি খতিয়ে দেখছে এবং প্রয়োজনীয় ব্যবস্থা গ্রহণের আশ্বাস দিয়েছে সংবাদ প্রতিবেদন অনুযায়ী সংশ্লিষ্ট কর্তৃপক্ষ বিষয়টি খতিয়ে দেখছে এবং প্রয়োজনীয় ব্যবস্থা গ্রহণের আশ্বাস দিয়েছে সংবাদ প্রতিবেদন অনুযায়ী সংশ্লিষ্ট কর্তৃপক্ষ বিষয়টি খতিয়ে দেখছে এবং প্রয়োজনীয় ব্যবস্থা গ্রহণের আশ্বাস দিয়েছে সংবাদ প্রতিবেদন অনুযায়ী সংশ্লিষ্ট কর্তৃপক্ষ বিষয়টি খতিয়ে

প্রেমের দিন মৃত্যু
নিজস্ব সংবাদদাতা

সংবাদ প্রতিবেদন অনুযায়ী সংশ্লিষ্ট কর্তৃপক্ষ বিষয়টি খতিয়ে দেখছে এবং প্রয়োজনীয় ব্যবস্থা গ্রহণের আশ্বাস দিয়েছে সংবাদ প্রতিবেদন অনুযায়ী সংশ্লিষ্ট কর্তৃপক্ষ বিষয়টি খতিয়ে দেখছে এবং প্রয়োজনীয় ব্যবস্থা গ্রহণের আশ্বাস দিয়েছে সংবাদ প্রতিবেদন অনুযায়ী সংশ্লিষ্ট কর্তৃপক্ষ বিষয়টি খতিয়ে দেখছে এবং প্রয়োজনীয় ব্যবস্থা গ্রহণের আশ্বাস দিয়েছে সংবাদ প্রতিবেদন অনুযায়ী সংশ্লিষ্ট কর্তৃপক্ষ বিষয়টি খতিয়ে দেখছে এবং প্রয়োজনীয় ব্যবস্থা গ্রহণের আশ্বাস দিয়েছে সংবাদ প্রতিবেদন অনুযায়ী সংশ্লিষ্ট কর্তৃপক্ষ বিষয়টি খতিয়ে দেখছে এবং প্রয়োজনীয় ব্যবস্থা গ্রহণের আশ্বাস দিয়েছে সংবাদ প্রতিবেদন অনুযায়ী সংশ্লিষ্ট কর্তৃপক্ষ বিষয়টি খতিয়ে দেখছে এবং প্রয়োজনীয় ব্যবস্থা গ্রহণের আশ্বাস দিয়েছে সংবাদ প্রতিবেদন অনুযায়ী সংশ্লিষ্ট কর্তৃপক্ষ বিষয়টি খতিয়ে দেখছে এবং প্রয়োজনীয় ব্যবস্থা গ্রহণের আশ্বাস দিয়েছে সংবাদ প্রতিবেদন অনুযায়ী সংশ্লিষ্ট কর্তৃপক্ষ বিষয়টি খতিয়ে দেখছে এবং প্রয়োজনীয় ব্যবস্থা গ্রহণের আশ্বাস দিয়েছে সংবাদ প্রতিবেদন অনুযায়ী সংশ্লিষ্ট কর্তৃপক্ষ বিষয়টি খতিয়ে দেখছে এবং প্রয়োজনীয় ব্যবস্থা গ্রহণের আশ্বাস দিয়েছে সংবাদ প্রতিবেদন অনুযায়ী সংশ্লিষ্ট কর্তৃপক্ষ বিষয়টি খতিয়ে দেখছে

তিন দেশকে অভ্যাহতি
স্টাফ রিপোর্টার

সংবাদ প্রতিবেদন অনুযায়ী সংশ্লিষ্ট কর্তৃপক্ষ বিষয়টি খতিয়ে দেখছে এবং প্রয়োজনীয় ব্যবস্থা গ্রহণের আশ্বাস দিয়েছে সংবাদ প্রতিবেদন অনুযায়ী সংশ্লিষ্ট কর্তৃপক্ষ বিষয়টি খতিয়ে দেখছে এবং প্রয়োজনীয় ব্যবস্থা গ্রহণের আশ্বাস দিয়েছে সংবাদ প্রতিবেদন অনুযায়ী সংশ্লিষ্ট কর্তৃপক্ষ বিষয়টি খতিয়ে দেখছে এবং প্রয়োজনীয় ব্যবস্থা গ্রহণের আশ্বাস দিয়েছে সংবাদ প্রতিবেদন অনুযায়ী সংশ্লিষ্ট কর্তৃপক্ষ বিষয়টি খতিয়ে দেখছে এবং প্রয়োজনীয় ব্যবস্থা গ্রহণের আশ্বাস দিয়েছে সংবাদ প্রতিবেদন অনুযায়ী সংশ্লিষ্ট কর্তৃপক্ষ বিষয়টি খতিয়ে দেখছে এবং প্রয়োজনীয় ব্যবস্থা গ্রহণের আশ্বাস দিয়েছে সংবাদ প্রতিবেদন অনুযায়ী সংশ্লিষ্ট কর্তৃপক্ষ বিষয়টি খতিয়ে দেখছে এবং প্রয়োজনীয় ব্যবস্থা গ্রহণের আশ্বাস দিয়েছে সংবাদ প্রতিবেদন অনুযায়ী সংশ্লিষ্ট কর্তৃপক্ষ

পরিক্রিয় অনলাভের প্রধান
প্রতিনিধি

সংবাদ প্রতিবেদন অনুযায়ী সংশ্লিষ্ট কর্তৃপক্ষ বিষয়টি খতিয়ে দেখছে এবং প্রয়োজনীয় ব্যবস্থা গ্রহণের আশ্বাস দিয়েছে সংবাদ প্রতিবেদন অনুযায়ী সংশ্লিষ্ট কর্তৃপক্ষ বিষয়টি খতিয়ে দেখছে

অনুশীলনের চর্চাতুর নির্দিষ্ট
নিজস্ব প্রতিবেদক

সংবাদ প্রতিবেদন অনুযায়ী সংশ্লিষ্ট কর্তৃপক্ষ বিষয়টি খতিয়ে দেখছে এবং প্রয়োজনীয় ব্যবস্থা গ্রহণের আশ্বাস দিয়েছে সংবাদ প্রতিবেদন অনুযায়ী সংশ্লিষ্ট কর্তৃপক্ষ বিষয়টি খতিয়ে দেখছে এবং প্রয়োজনীয় ব্যবস্থা গ্রহণের আশ্বাস দিয়েছে সংবাদ প্রতিবেদন অনুযায়ী সংশ্লিষ্ট কর্তৃপক্ষ বিষয়টি খতিয়ে দেখছে এবং প্রয়োজনীয় ব্যবস্থা গ্রহণের আশ্বাস দিয়েছে সংবাদ প্রতিবেদন অনুযায়ী সংশ্লিষ্ট কর্তৃপক্ষ বিষয়টি খতিয়ে দেখছে এবং প্রয়োজনীয় ব্যবস্থা গ্রহণের আশ্বাস দিয়েছে সংবাদ প্রতিবেদন অনুযায়ী সংশ্লিষ্ট কর্তৃপক্ষ বিষয়টি খতিয়ে দেখছে এবং প্রয়োজনীয় ব্যবস্থা গ্রহণের আশ্বাস দিয়েছে সংবাদ প্রতিবেদন অনুযায়ী সংশ্লিষ্ট কর্তৃপক্ষ বিষয়টি খতিয়ে দেখছে

শেখ হাসিনার বৃশিয়ে
স্টাফ রিপোর্টার

সংবাদ প্রতিবেদন অনুযায়ী সংশ্লিষ্ট কর্তৃপক্ষ বিষয়টি খতিয়ে দেখছে এবং প্রয়োজনীয় ব্যবস্থা গ্রহণের আশ্বাস দিয়েছে সংবাদ প্রতিবেদন অনুযায়ী সংশ্লিষ্ট কর্তৃপক্ষ বিষয়টি খতিয়ে দেখছে এবং প্রয়োজনীয় ব্যবস্থা গ্রহণের আশ্বাস দিয়েছে সংবাদ প্রতিবেদন অনুযায়ী সংশ্লিষ্ট কর্তৃপক্ষ বিষয়টি খতিয়ে দেখছে এবং প্রয়োজনীয় ব্যবস্থা গ্রহণের আশ্বাস দিয়েছে সংবাদ প্রতিবেদন অনুযায়ী সংশ্লিষ্ট কর্তৃপক্ষ বিষয়টি খতিয়ে দেখছে এবং প্রয়োজনীয় ব্যবস্থা গ্রহণের আশ্বাস দিয়েছে সংবাদ প্রতিবেদন অনুযায়ী সংশ্লিষ্ট কর্তৃপক্ষ বিষয়টি খতিয়ে দেখছে এবং প্রয়োজনীয় ব্যবস্থা গ্রহণের আশ্বাস দিয়েছে সংবাদ প্রতিবেদন অনুযায়ী সংশ্লিষ্ট কর্তৃপক্ষ বিষয়টি খতিয়ে দেখছে এবং প্রয়োজনীয় ব্যবস্থা গ্রহণের আশ্বাস দিয়েছে সংবাদ প্রতিবেদন অনুযায়ী সংশ্লিষ্ট কর্তৃপক্ষ বিষয়টি খতিয়ে দেখছে এবং প্রয়োজনীয় ব্যবস্থা গ্রহণের আশ্বাস দিয়েছে সংবাদ প্রতিবেদন অনুযায়ী সংশ্লিষ্ট কর্তৃপক্ষ বিষয়টি খতিয়ে দেখছে এবং প্রয়োজনীয় ব্যবস্থা গ্রহণের আশ্বাস দিয়েছে

তিন মন্ত্রণালয় ও হয়
প্রতিনিধি

সংবাদ প্রতিবেদন অনুযায়ী সংশ্লিষ্ট কর্তৃপক্ষ বিষয়টি খতিয়ে দেখছে এবং প্রয়োজনীয় ব্যবস্থা গ্রহণের আশ্বাস দিয়েছে সংবাদ প্রতিবেদন অনুযায়ী সংশ্লিষ্ট কর্তৃপক্ষ বিষয়টি খতিয়ে দেখছে এবং প্রয়োজনীয় ব্যবস্থা গ্রহণের আশ্বাস দিয়েছে সংবাদ প্রতিবেদন অনুযায়ী সংশ্লিষ্ট কর্তৃপক্ষ বিষয়টি খতিয়ে দেখছে এবং প্রয়োজনীয় ব্যবস্থা গ্রহণের আশ্বাস দিয়েছে সংবাদ প্রতিবেদন অনুযায়ী সংশ্লিষ্ট কর্তৃপক্ষ বিষয়টি খতিয়ে দেখছে এবং প্রয়োজনীয় ব্যবস্থা গ্রহণের আশ্বাস দিয়েছে সংবাদ প্রতিবেদন অনুযায়ী সংশ্লিষ্ট কর্তৃপক্ষ বিষয়টি খতিয়ে দেখছে এবং প্রয়োজনীয় ব্যবস্থা গ্রহণের আশ্বাস দিয়েছে সংবাদ প্রতিবেদন অনুযায়ী সংশ্লিষ্ট কর্তৃপক্ষ বিষয়টি খতিয়ে দেখছে এবং প্রয়োজনীয় ব্যবস্থা গ্রহণের আশ্বাস দিয়েছে সংবাদ প্রতিবেদন অনুযায়ী সংশ্লিষ্ট কর্তৃপক্ষ বিষয়টি খতিয়ে দেখছে এবং প্রয়োজনীয় ব্যবস্থা গ্রহণের আশ্বাস দিয়েছে সংবাদ প্রতিবেদন

জনতার দখলে নির্বাচন
বিশেষ প্রতিনিধি

সংবাদ প্রতিবেদন অনুযায়ী সংশ্লিষ্ট কর্তৃপক্ষ বিষয়টি খতিয়ে দেখছে এবং প্রয়োজনীয় ব্যবস্থা গ্রহণের আশ্বাস দিয়েছে সংবাদ প্রতিবেদন অনুযায়ী সংশ্লিষ্ট কর্তৃপক্ষ বিষয়টি খতিয়ে দেখছে এবং প্রয়োজনীয় ব্যবস্থা গ্রহণের আশ্বাস দিয়েছে সংবাদ প্রতিবেদন অনুযায়ী সংশ্লিষ্ট কর্তৃপক্ষ বিষয়টি খতিয়ে দেখছে এবং প্রয়োজনীয় ব্যবস্থা গ্রহণের আশ্বাস দিয়েছে সংবাদ প্রতিবেদন

দুনক সংস্কারে সুপারিশ
নিজস্ব প্রতিবেদক

সংবাদ প্রতিবেদন অনুযায়ী সংশ্লিষ্ট কর্তৃপক্ষ বিষয়টি খতিয়ে দেখছে এবং প্রয়োজনীয় ব্যবস্থা গ্রহণের আশ্বাস দিয়েছে সংবাদ প্রতিবেদন অনুযায়ী সংশ্লিষ্ট কর্তৃপক্ষ বিষয়টি খতিয়ে দেখছে এবং প্রয়োজনীয় ব্যবস্থা গ্রহণের আশ্বাস দিয়েছে সংবাদ প্রতিবেদন অনুযায়ী সংশ্লিষ্ট কর্তৃপক্ষ বিষয়টি খতিয়ে দেখছে এবং প্রয়োজনীয় ব্যবস্থা গ্রহণের আশ্বাস দিয়েছে সংবাদ প্রতিবেদন অনুযায়ী সংশ্লিষ্ট কর্তৃপক্ষ বিষয়টি খতিয়ে দেখছে এবং প্রয়োজনীয় ব্যবস্থা গ্রহণের আশ্বাস দিয়েছে সংবাদ প্রতিবেদন অনুযায়ী সংশ্লিষ্ট কর্তৃপক্ষ বিষয়টি খতিয়ে দেখছে এবং প্রয়োজনীয় ব্যবস্থা গ্রহণের আশ্বাস দিয়েছে সংবাদ প্রতিবেদন অনুযায়ী সংশ্লিষ্ট কর্তৃপক্ষ বিষয়টি খতিয়ে দেখছে এবং প্রয়োজনীয় ব্যবস্থা গ্রহণের আশ্বাস দিয়েছে সংবাদ প্রতিবেদন অনুযায়ী সংশ্লিষ্ট কর্তৃপক্ষ বিষয়টি খতিয়ে দেখছে এবং প্রয়োজনীয় ব্যবস্থা গ্রহণের আশ্বাস দিয়েছে সংবাদ প্রতিবেদন অনুযায়ী সংশ্লিষ্ট কর্তৃপক্ষ বিষয়টি খতিয়ে দেখছে এবং প্রয়োজনীয় ব্যবস্থা গ্রহণের আশ্বাস দিয়েছে সংবাদ প্রতিবেদন অনুযায়ী সংশ্লিষ্ট কর্তৃপক্ষ বিষয়টি খতিয়ে দেখছে এবং প্রয়োজনীয় ব্যবস্থা গ্রহণের আশ্বাস দিয়েছে সংবাদ প্রতিবেদন অনুযায়ী সংশ্লিষ্ট কর্তৃপক্ষ বিষয়টি খতিয়ে দেখছে এবং প্রয়োজনীয় ব্যবস্থা গ্রহণের আশ্বাস দিয়েছে সংবাদ প্রতিবেদন অনুযায়ী সংশ্লিষ্ট কর্তৃপক্ষ বিষয়টি খতিয়ে দেখছে এবং প্রয়োজনীয় ব্যবস্থা গ্রহণের আশ্বাস দিয়েছে সংবাদ প্রতিবেদন অনুযায়ী সংশ্লিষ্ট কর্তৃপক্ষ বিষয়টি খতিয়ে দেখছে এবং প্রয়োজনীয় ব্যবস্থা গ্রহণের আশ্বাস দিয়েছে

সুপারিশ অবিলম্বে জন্য
স্টাফ রিপোর্টার

সংবাদ প্রতিবেদন অনুযায়ী সংশ্লিষ্ট কর্তৃপক্ষ বিষয়টি খতিয়ে দেখছে এবং প্রয়োজনীয় ব্যবস্থা গ্রহণের আশ্বাস দিয়েছে সংবাদ প্রতিবেদন অনুযায়ী সংশ্লিষ্ট কর্তৃপক্ষ বিষয়টি খতিয়ে দেখছে

আপনার চেষ্টা অব্যাহত
প্রতিনিধি

সংবাদ প্রতিবেদন অনুযায়ী সংশ্লিষ্ট কর্তৃপক্ষ বিষয়টি খতিয়ে দেখছে এবং প্রয়োজনীয় ব্যবস্থা গ্রহণের আশ্বাস দিয়েছে সংবাদ প্রতিবেদন অনুযায়ী সংশ্লিষ্ট কর্তৃপক্ষ বিষয়টি খতিয়ে দেখছে এবং প্রয়োজনীয় ব্যবস্থা গ্রহণের আশ্বাস দিয়েছে সংবাদ প্রতিবেদন অনুযায়ী সংশ্লিষ্ট কর্তৃপক্ষ বিষয়টি খতিয়ে দেখছে এবং প্রয়োজনীয় ব্যবস্থা গ্রহণের আশ্বাস দিয়েছে সংবাদ প্রতিবেদন অনুযায়ী সংশ্লিষ্ট কর্তৃপক্ষ বিষয়টি খতিয়ে দেখছে এবং প্রয়োজনীয় ব্যবস্থা গ্রহণের আশ্বাস দিয়েছে সংবাদ প্রতিবেদন অনুযায়ী সংশ্লিষ্ট কর্তৃপক্ষ বিষয়টি খতিয়ে দেখছে এবং প্রয়োজনীয় ব্যবস্থা গ্রহণের আশ্বাস দিয়েছে সংবাদ প্রতিবেদন অনুযায়ী সংশ্লিষ্ট কর্তৃপক্ষ বিষয়টি খতিয়ে দেখছে এবং প্রয়োজনীয় ব্যবস্থা গ্রহণের আশ্বাস দিয়েছে সংবাদ প্রতিবেদন অনুযায়ী সংশ্লিষ্ট কর্তৃপক্ষ বিষয়টি খতিয়ে দেখছে এবং প্রয়োজনীয় ব্যবস্থা গ্রহণের আশ্বাস দিয়েছে সংবাদ প্রতিবেদন অনুযায়ী সংশ্লিষ্ট কর্তৃপক্ষ বিষয়টি খতিয়ে দেখছে এবং প্রয়োজনীয় ব্যবস্থা গ্রহণের আশ্বাস দিয়েছে সংবাদ প্রতিবেদন অনুযায়ী সংশ্লিষ্ট কর্তৃপক্ষ বিষয়টি খতিয়ে দেখছে এবং প্রয়োজনীয় ব্যবস্থা গ্রহণের আশ্বাস দিয়েছে সংবাদ প্রতিবেদন অনুযায়ী সংশ্লিষ্ট কর্তৃপক্ষ বিষয়টি খতিয়ে দেখছে এবং প্রয়োজনীয় ব্যবস্থা গ্রহণের আশ্বাস দিয়েছে সংবাদ প্রতিবেদন অনুযায়ী সংশ্লিষ্ট কর্তৃপক্ষ বিষয়টি খতিয়ে দেখছে এবং প্রয়োজনীয় ব্যবস্থা গ্রহণের আশ্বাস দিয়েছে সংবাদ প্রতিবেদন অনুযায়ী সংশ্লিষ্ট কর্তৃপক্ষ বিষয়টি খতিয়ে দেখছে এবং প্রয়োজনীয় ব্যবস্থা গ্রহণের আশ্বাস দিয়েছে সংবাদ প্রতিবেদন অনুযায়ী সংশ্লিষ্ট কর্তৃপক্ষ বিষয়টি খতিয়ে দেখছে এবং প্রয়োজনীয় ব্যবস্থা গ্রহণের আশ্বাস দিয়েছে সংবাদ প্রতিবেদন অনুযায়ী সংশ্লিষ্ট কর্তৃপক্ষ বিষয়টি খতিয়ে দেখছে এবং প্রয়োজনীয় ব্যবস্থা গ্রহণের আশ্বাস দিয়েছে সংবাদ প্রতিবেদন অনুযায়ী সংশ্লিষ্ট কর্তৃপক্ষ বিষয়টি খতিয়ে দেখছে এবং প্রয়োজনীয় ব্যবস্থা গ্রহণের আশ্বাস দিয়েছে সংবাদ প্রতিবেদন অনুযায়ী সংশ্লিষ্ট কর্তৃপক্ষ বিষয়টি খতিয়ে দেখছে এবং প্রয়োজনীয় ব্যবস্থা গ্রহণের আশ্বাস দিয়েছে

ফাঁদে চেতে বৃহত্ত
নিজস্ব সংবাদদাতা

সংবাদ প্রতিবেদন অনুযায়ী সংশ্লিষ্ট কর্তৃপক্ষ বিষয়টি খতিয়ে দেখছে এবং প্রয়োজনীয় ব্যবস্থা গ্রহণের আশ্বাস দিয়েছে সংবাদ প্রতিবেদন অনুযায়ী সংশ্লিষ্ট কর্তৃপক্ষ বিষয়টি খতিয়ে দেখছে এবং প্রয়োজনীয় ব্যবস্থা গ্রহণের আশ্বাস দিয়েছে সংবাদ প্রতিবেদন অনুযায়ী সংশ্লিষ্ট কর্তৃপক্ষ বিষয়টি খতিয়ে দেখছে এবং প্রয়োজনীয় ব্যবস্থা গ্রহণের আশ্বাস দিয়েছে সংবাদ প্রতিবেদন অনুযায়ী সংশ্লিষ্ট কর্তৃপক্ষ বিষয়টি খতিয়ে দেখছে এবং প্রয়োজনীয় ব্যবস্থা গ্রহণের আশ্বাস দিয়েছে সংবাদ প্রতিবেদন অনুযায়ী সংশ্লিষ্ট কর্তৃপক্ষ বিষয়টি খতিয়ে দেখছে এবং প্রয়োজনীয় ব্যবস্থা গ্রহণের আশ্বাস দিয়েছে সংবাদ প্রতিবেদন অনুযায়ী সংশ্লিষ্ট কর্তৃপক্ষ বিষয়টি খতিয়ে দেখছে এবং প্রয়োজনীয় ব্যবস্থা গ্রহণের আশ্বাস দিয়েছে সংবাদ প্রতিবেদন অনুযায়ী সংশ্লিষ্ট কর্তৃপক্ষ বিষয়টি খতিয়ে দেখছে এবং প্রয়োজনীয় ব্যবস্থা গ্রহণের আশ্বাস দিয়েছে সংবাদ প্রতিবেদন অনুযায়ী সংশ্লিষ্ট কর্তৃপক্ষ বিষয়টি খতিয়ে দেখছে এবং প্রয়োজনীয় ব্যবস্থা গ্রহণের আশ্বাস দিয়েছে সংবাদ প্রতিবেদন অনুযায়ী সংশ্লিষ্ট কর্তৃপক্ষ বিষয়টি খতিয়ে দেখছে এবং প্রয়োজনীয় ব্যবস্থা গ্রহণের আশ্বাস দিয়েছে সংবাদ প্রতিবেদন অনুযায়ী সংশ্লিষ্ট কর্তৃপক্ষ বিষয়টি খতিয়ে দেখছে এবং প্রয়োজনীয় ব্যবস্থা গ্রহণের আশ্বাস দিয়েছে সংবাদ প্রতিবেদন অনুযায়ী সংশ্লিষ্ট কর্তৃপক্ষ বিষয়টি খতিয়ে দেখছে এবং প্রয়োজনীয় ব্যবস্থা গ্রহণের আশ্বাস দিয়েছে সংবাদ প্রতিবেদন অনুযায়ী সংশ্লিষ্ট কর্তৃপক্ষ বিষয়টি খতিয়ে দেখছে এবং প্রয়োজনীয় ব্যবস্থা গ্রহণের আশ্বাস দিয়েছে সংবাদ প্রতিবেদন অনুযায়ী সংশ্লিষ্ট কর্তৃপক্ষ বিষয়টি খতিয়ে দেখছে এবং প্রয়োজনীয় ব্যবস্থা গ্রহণের আশ্বাস দিয়েছে সংবাদ প্রতিবেদন অনুযায়ী সংশ্লিষ্ট কর্তৃপক্ষ বিষয়টি খতিয়ে দেখছে

দম উৎপাদনে রেকর্ড
স্টাফ রিপোর্টার

সংবাদ প্রতিবেদন অনুযায়ী সংশ্লিষ্ট কর্তৃপক্ষ বিষয়টি খতিয়ে দেখছে এবং প্রয়োজনীয় ব্যবস্থা গ্রহণের আশ্বাস দিয়েছে সংবাদ প্রতিবেদন অনুযায়ী সংশ্লিষ্ট কর্তৃপক্ষ বিষয়টি খতিয়ে দেখছে এবং প্রয়োজনীয় ব্যবস্থা গ্রহণের আশ্বাস দিয়েছে সংবাদ প্রতিবেদন অনুযায়ী সংশ্লিষ্ট কর্তৃপক্ষ বিষয়টি খতিয়ে দেখছে এবং প্রয়োজনীয় ব্যবস্থা গ্রহণের আশ্বাস দিয়েছে সংবাদ প্রতিবেদন অনুযায়ী সংশ্লিষ্ট কর্তৃপক্ষ বিষয়টি খতিয়ে দেখছে এবং প্রয়োজনীয় ব্যবস্থা গ্রহণের আশ্বাস দিয়েছে সংবাদ প্রতিবেদন অনুযায়ী সংশ্লিষ্ট কর্তৃপক্ষ বিষয়টি খতিয়ে দেখছে এবং প্রয়োজনীয় ব্যবস্থা
